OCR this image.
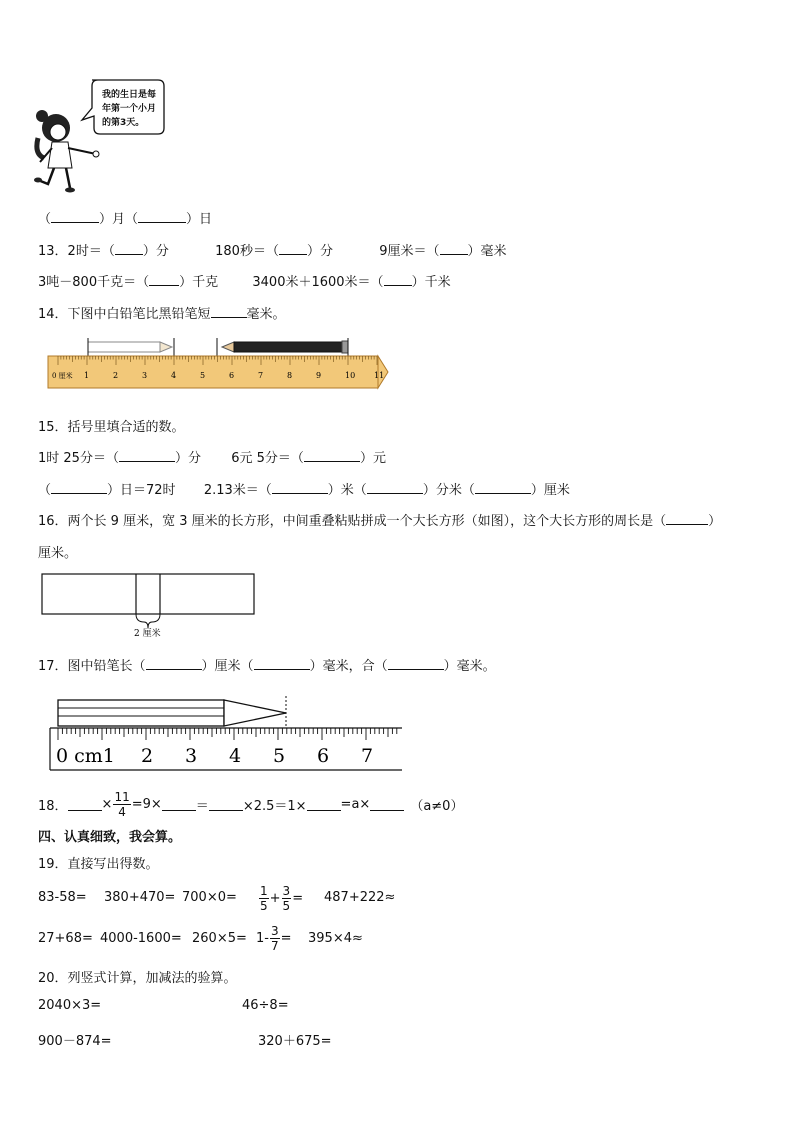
我的生日是每
年第一个小月
的第3天。
（	）月（	）日
13．2时＝（ ）分	180秒＝（ ）分	9厘米＝（ ）毫米
3吨－800千克＝（ ）千克	3400米＋1600米＝（ ）千米
14．下图中白铅笔比黑铅笔短	毫米。
1	2	3	4	5	6	7	8	9	10 11
0 厘米
15．括号里填合适的数。
1时 25分＝（	）分 6元 5分＝（	）元
（	）日＝72时 2.13米＝（	）米（	）分米（	）厘米
16．两个长 9 厘米，宽 3 厘米的长方形，中间重叠粘贴拼成一个大长方形（如图），这个大长方形的周长是（	）
厘米。
2 厘米
17．图中铅笔长（	）厘米（	）毫米，合（	）毫米。
0 cm1 2 3 4 5 6 7
18．	× $\frac{11}{4} =9\times$	＝	×2.5＝1×	=a×	（a≠0）
四、认真细致，我会算。
19．直接写出得数。
$83-58= 380+470= 700\times 0= \frac{1}{5} + \frac{3}{5} = 487+222\approx$
$27+68= 4000-1600= 260\times 5= 1- \frac{3}{7} = 395\times 4\approx$
20．列竖式计算，加减法的验算。
2040×3=	46÷8=
900－874=	320＋675=
